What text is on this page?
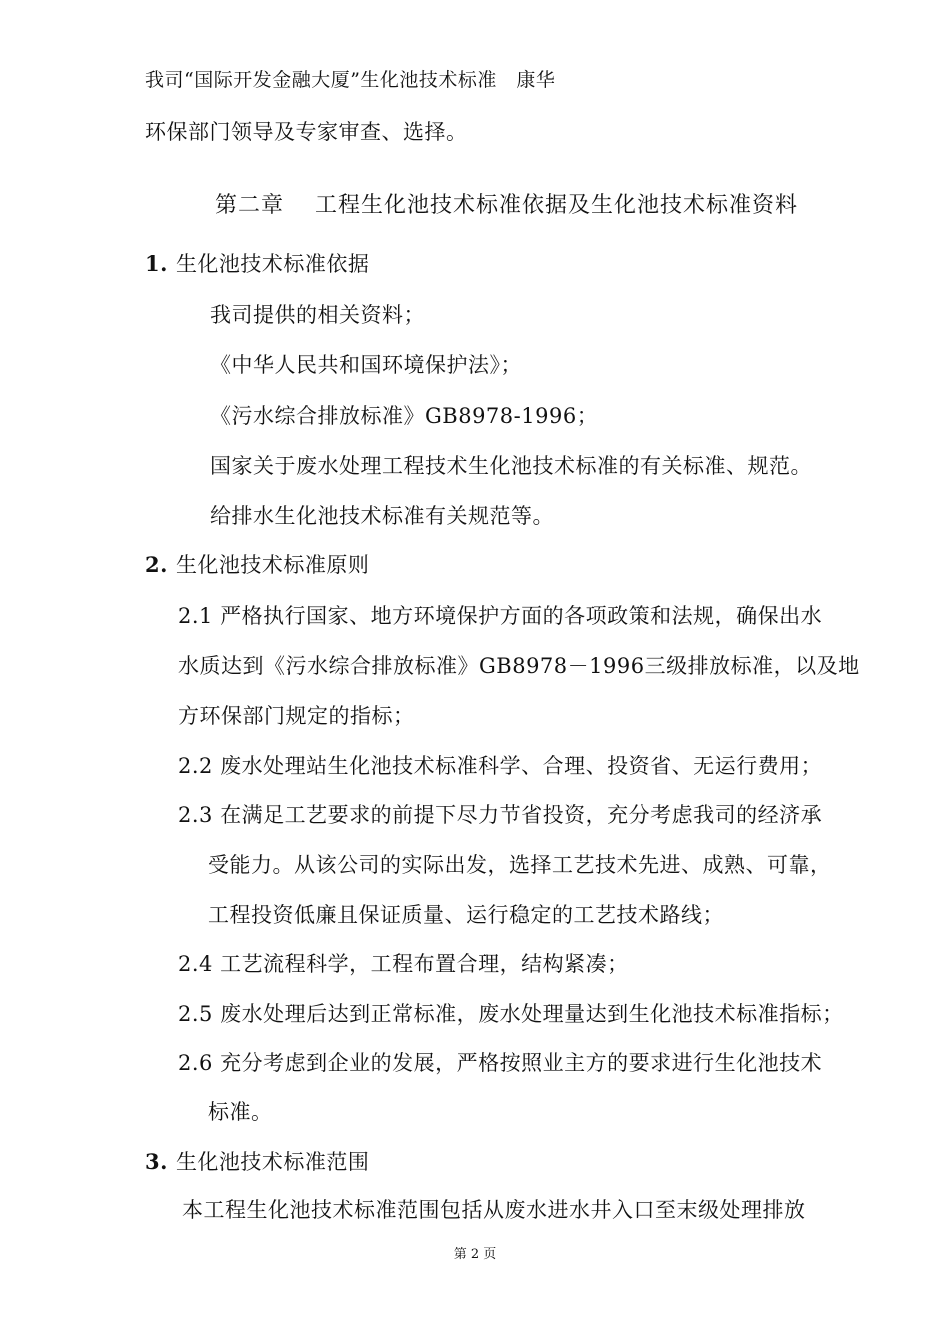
我司“国际开发金融大厦”生化池技术标准　康华
环保部门领导及专家审查、选择。
第二章　 工程生化池技术标准依据及生化池技术标准资料
1. 生化池技术标准依据
我司提供的相关资料；
《中华人民共和国环境保护法》；
《污水综合排放标准》GB8978-1996；
国家关于废水处理工程技术生化池技术标准的有关标准、规范。
给排水生化池技术标准有关规范等。
2. 生化池技术标准原则
2.1 严格执行国家、地方环境保护方面的各项政策和法规，确保出水
水质达到《污水综合排放标准》GB8978－1996三级排放标准，以及地
方环保部门规定的指标；
2.2 废水处理站生化池技术标准科学、合理、投资省、无运行费用；
2.3 在满足工艺要求的前提下尽力节省投资，充分考虑我司的经济承
受能力。从该公司的实际出发，选择工艺技术先进、成熟、可靠，
工程投资低廉且保证质量、运行稳定的工艺技术路线；
2.4 工艺流程科学，工程布置合理，结构紧凑；
2.5 废水处理后达到正常标准，废水处理量达到生化池技术标准指标；
2.6 充分考虑到企业的发展，严格按照业主方的要求进行生化池技术
标准。
3. 生化池技术标准范围
本工程生化池技术标准范围包括从废水进水井入口至末级处理排放
第 2 页
